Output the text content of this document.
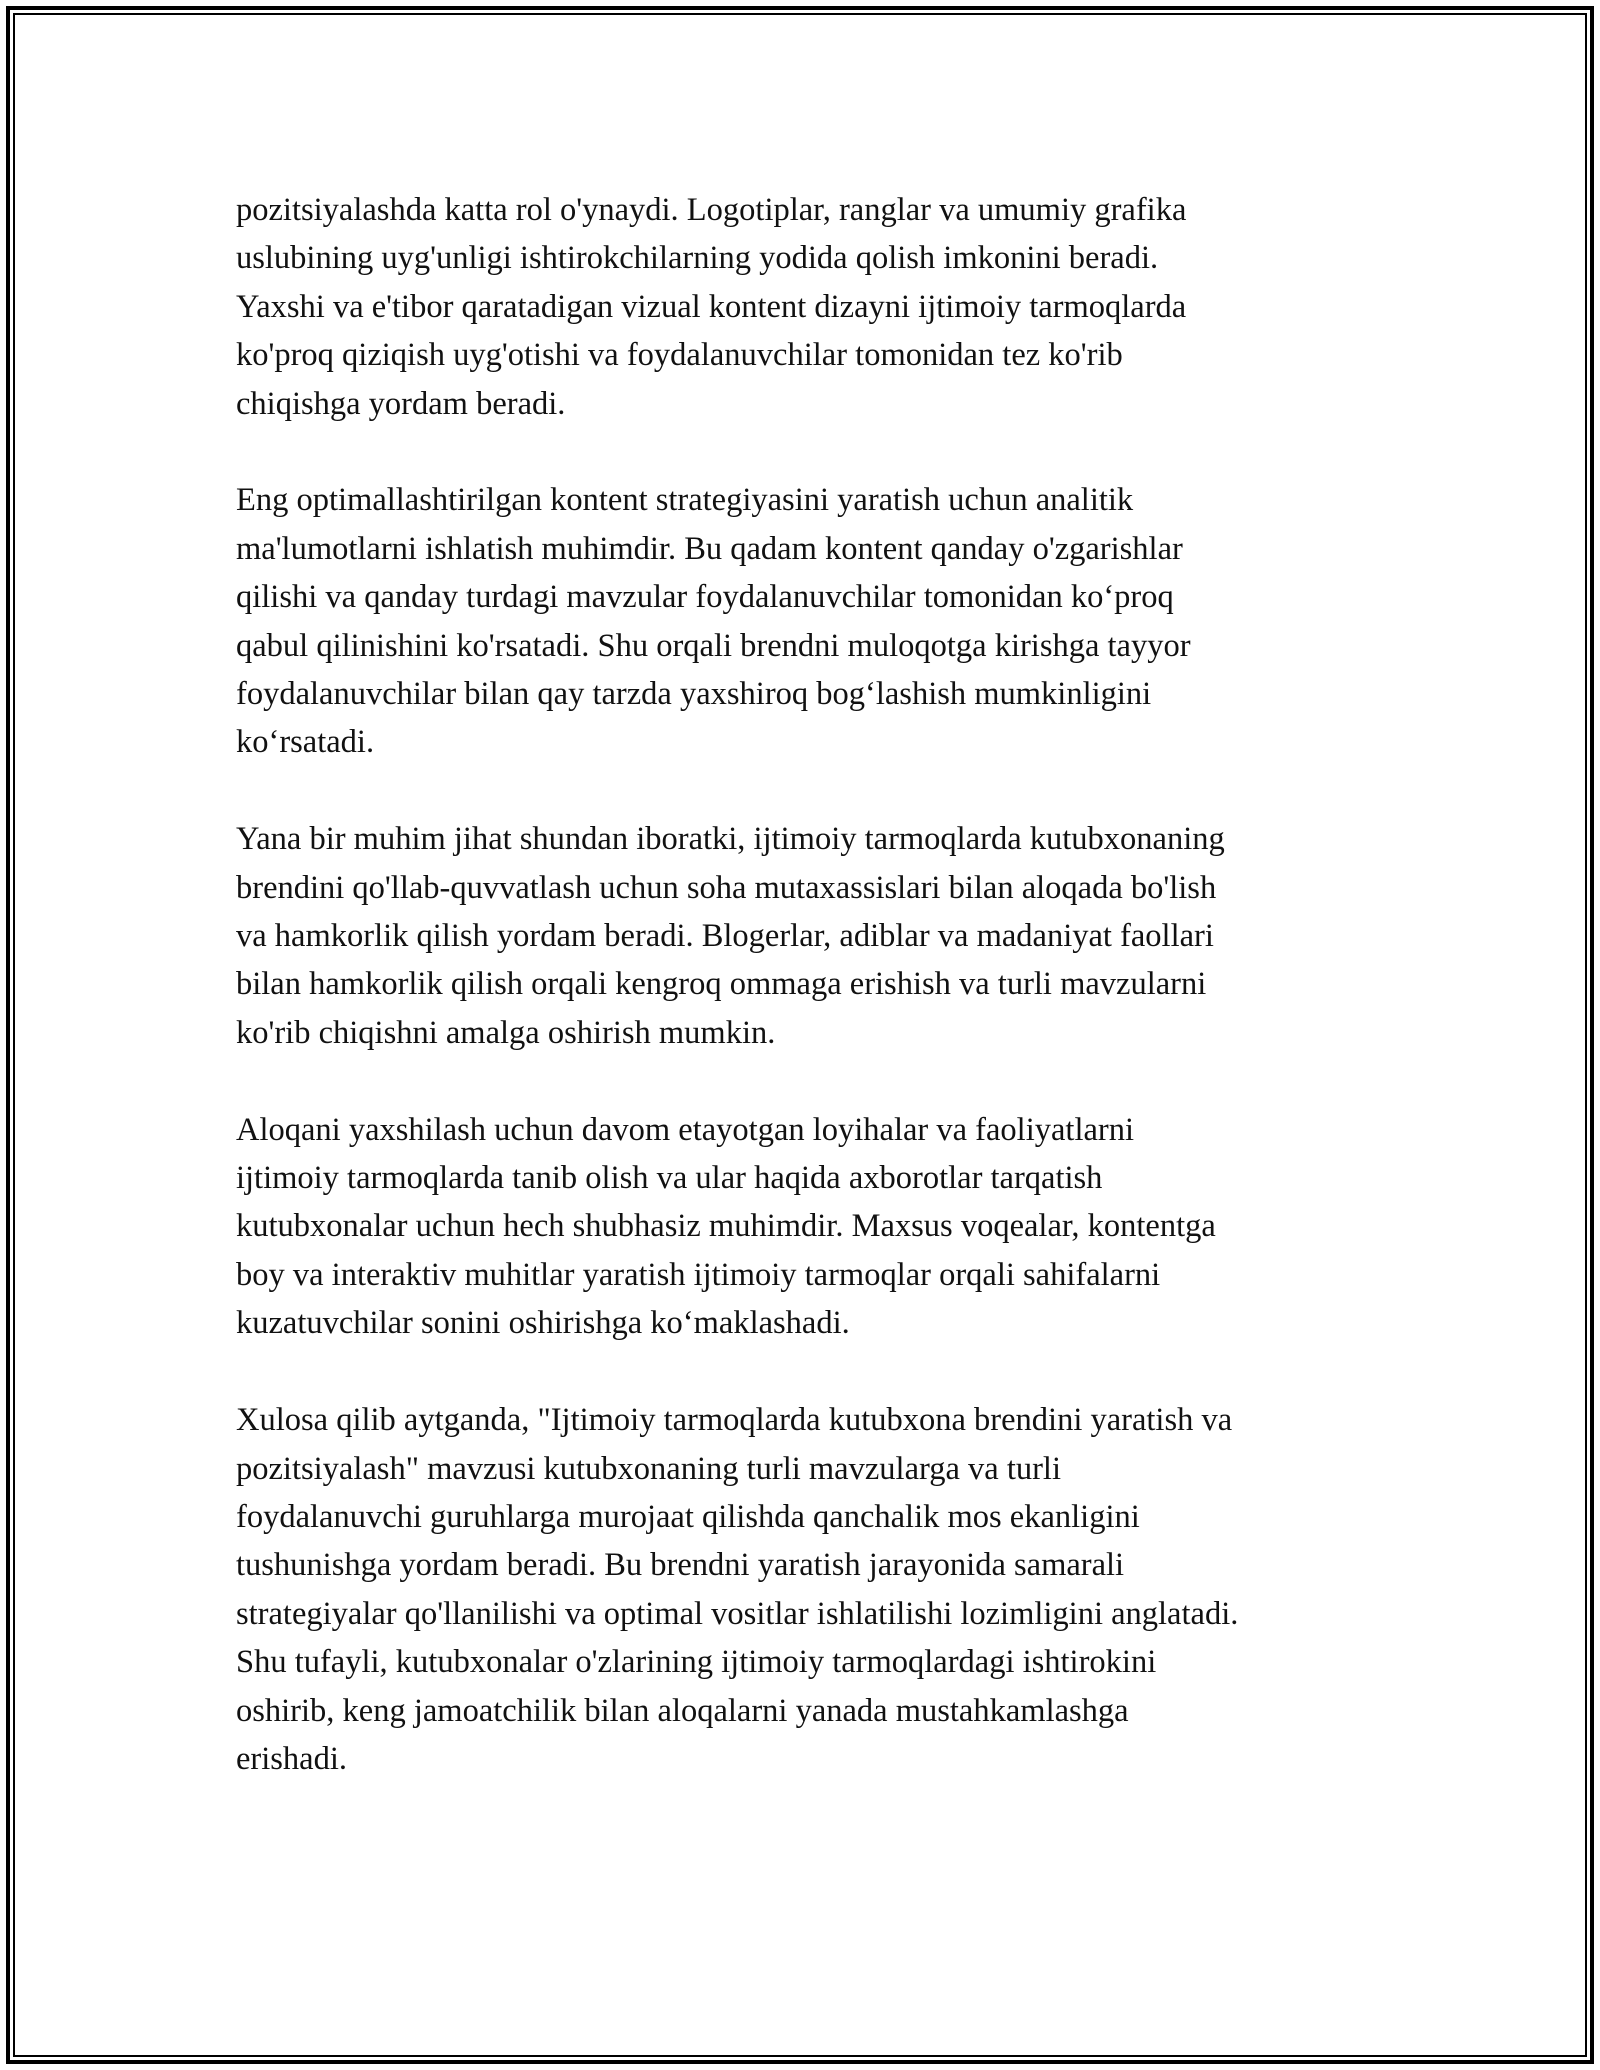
pozitsiyalashda katta rol o'ynaydi. Logotiplar, ranglar va umumiy grafika
uslubining uyg'unligi ishtirokchilarning yodida qolish imkonini beradi.
Yaxshi va e'tibor qaratadigan vizual kontent dizayni ijtimoiy tarmoqlarda
ko'proq qiziqish uyg'otishi va foydalanuvchilar tomonidan tez ko'rib
chiqishga yordam beradi.

Eng optimallashtirilgan kontent strategiyasini yaratish uchun analitik
ma'lumotlarni ishlatish muhimdir. Bu qadam kontent qanday o'zgarishlar
qilishi va qanday turdagi mavzular foydalanuvchilar tomonidan ko‘proq
qabul qilinishini ko'rsatadi. Shu orqali brendni muloqotga kirishga tayyor
foydalanuvchilar bilan qay tarzda yaxshiroq bog‘lashish mumkinligini
ko‘rsatadi.

Yana bir muhim jihat shundan iboratki, ijtimoiy tarmoqlarda kutubxonaning
brendini qo'llab-quvvatlash uchun soha mutaxassislari bilan aloqada bo'lish
va hamkorlik qilish yordam beradi. Blogerlar, adiblar va madaniyat faollari
bilan hamkorlik qilish orqali kengroq ommaga erishish va turli mavzularni
ko'rib chiqishni amalga oshirish mumkin.

Aloqani yaxshilash uchun davom etayotgan loyihalar va faoliyatlarni
ijtimoiy tarmoqlarda tanib olish va ular haqida axborotlar tarqatish
kutubxonalar uchun hech shubhasiz muhimdir. Maxsus voqealar, kontentga
boy va interaktiv muhitlar yaratish ijtimoiy tarmoqlar orqali sahifalarni
kuzatuvchilar sonini oshirishga ko‘maklashadi.

Xulosa qilib aytganda, "Ijtimoiy tarmoqlarda kutubxona brendini yaratish va
pozitsiyalash" mavzusi kutubxonaning turli mavzularga va turli
foydalanuvchi guruhlarga murojaat qilishda qanchalik mos ekanligini
tushunishga yordam beradi. Bu brendni yaratish jarayonida samarali
strategiyalar qo'llanilishi va optimal vositlar ishlatilishi lozimligini anglatadi.
Shu tufayli, kutubxonalar o'zlarining ijtimoiy tarmoqlardagi ishtirokini
oshirib, keng jamoatchilik bilan aloqalarni yanada mustahkamlashga
erishadi.
